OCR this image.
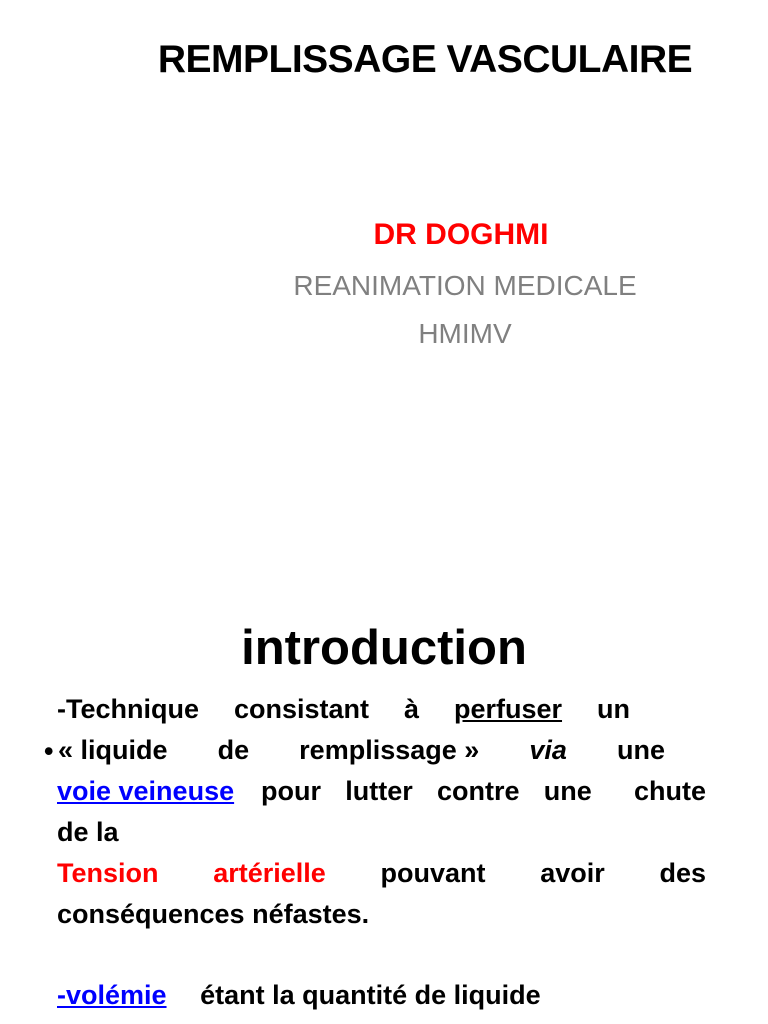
REMPLISSAGE VASCULAIRE
DR DOGHMI
REANIMATION MEDICALE
HMIMV
introduction
-Technique consistant à perfuser un
• « liquide de remplissage » via une
voie veineuse pour lutter contre une chute
de la
Tension artérielle pouvant avoir des
conséquences néfastes.
-volémie étant la quantité de liquide
